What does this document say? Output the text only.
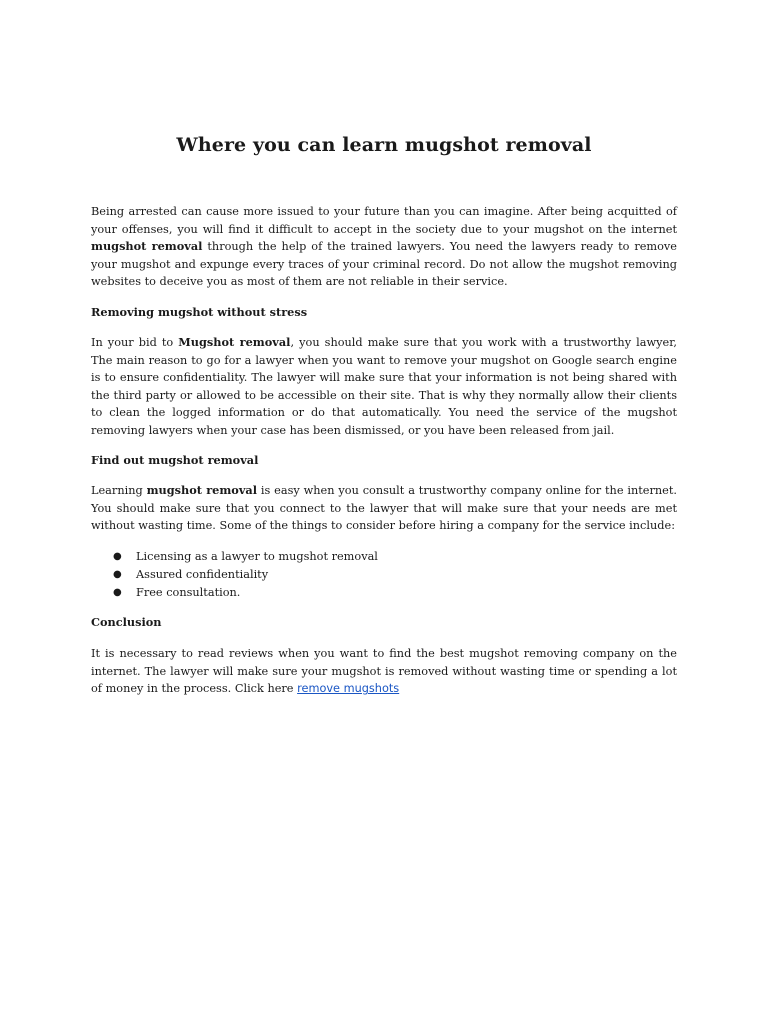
Where you can learn mugshot removal

Being arrested can cause more issued to your future than you can imagine. After being acquitted of your offenses, you will find it difficult to accept in the society due to your mugshot on the internet mugshot removal through the help of the trained lawyers. You need the lawyers ready to remove your mugshot and expunge every traces of your criminal record. Do not allow the mugshot removing websites to deceive you as most of them are not reliable in their service.

Removing mugshot without stress

In your bid to Mugshot removal, you should make sure that you work with a trustworthy lawyer, The main reason to go for a lawyer when you want to remove your mugshot on Google search engine is to ensure confidentiality. The lawyer will make sure that your information is not being shared with the third party or allowed to be accessible on their site. That is why they normally allow their clients to clean the logged information or do that automatically. You need the service of the mugshot removing lawyers when your case has been dismissed, or you have been released from jail.

Find out mugshot removal

Learning mugshot removal is easy when you consult a trustworthy company online for the internet. You should make sure that you connect to the lawyer that will make sure that your needs are met without wasting time. Some of the things to consider before hiring a company for the service include:

● Licensing as a lawyer to mugshot removal
● Assured confidentiality
● Free consultation.

Conclusion

It is necessary to read reviews when you want to find the best mugshot removing company on the internet. The lawyer will make sure your mugshot is removed without wasting time or spending a lot of money in the process. Click here remove mugshots
